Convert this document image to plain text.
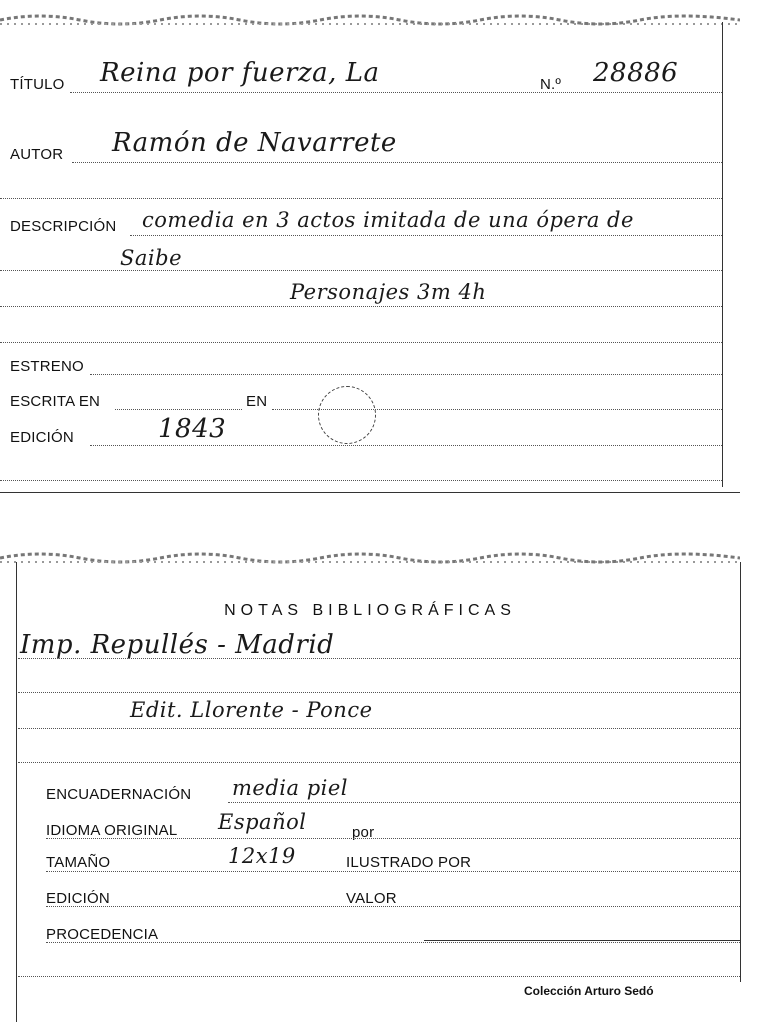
TÍTULO Reina por fuerza, La	N.º 28886
AUTOR Ramón de Navarrete
DESCRIPCIÓN comedia en 3 actos imitada de una ópera de
Saibe
Personajes 3m 4h
ESTRENO
ESCRITA EN	EN
EDICIÓN	1843
NOTAS BIBLIOGRÁFICAS
Imp. Repullés - Madrid
Edit. Llorente - Ponce
ENCUADERNACIÓN media piel
IDIOMA ORIGINAL Español	por
TAMAÑO	12x19	ILUSTRADO POR
EDICIÓN	VALOR
PROCEDENCIA
Colección Arturo Sedó
